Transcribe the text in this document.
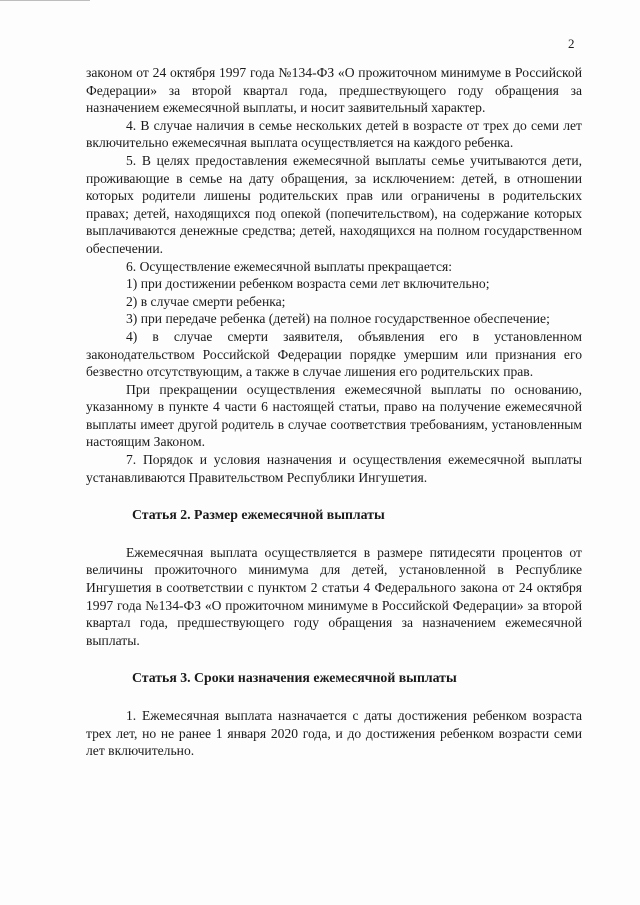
2

законом от 24 октября 1997 года №134-ФЗ «О прожиточном минимуме в Российской Федерации» за второй квартал года, предшествующего году обращения за назначением ежемесячной выплаты, и носит заявительный характер.

4. В случае наличия в семье нескольких детей в возрасте от трех до семи лет включительно ежемесячная выплата осуществляется на каждого ребенка.

5. В целях предоставления ежемесячной выплаты семье учитываются дети, проживающие в семье на дату обращения, за исключением: детей, в отношении которых родители лишены родительских прав или ограничены в родительских правах; детей, находящихся под опекой (попечительством), на содержание которых выплачиваются денежные средства; детей, находящихся на полном государственном обеспечении.

6. Осуществление ежемесячной выплаты прекращается:

1) при достижении ребенком возраста семи лет включительно;

2) в случае смерти ребенка;

3) при передаче ребенка (детей) на полное государственное обеспечение;

4) в случае смерти заявителя, объявления его в установленном законодательством Российской Федерации порядке умершим или признания его безвестно отсутствующим, а также в случае лишения его родительских прав.

При прекращении осуществления ежемесячной выплаты по основанию, указанному в пункте 4 части 6 настоящей статьи, право на получение ежемесячной выплаты имеет другой родитель в случае соответствия требованиям, установленным настоящим Законом.

7. Порядок и условия назначения и осуществления ежемесячной выплаты устанавливаются Правительством Республики Ингушетия.

Статья 2. Размер ежемесячной выплаты

Ежемесячная выплата осуществляется в размере пятидесяти процентов от величины прожиточного минимума для детей, установленной в Республике Ингушетия в соответствии с пунктом 2 статьи 4 Федерального закона от 24 октября 1997 года №134-ФЗ «О прожиточном минимуме в Российской Федерации» за второй квартал года, предшествующего году обращения за назначением ежемесячной выплаты.

Статья 3. Сроки назначения ежемесячной выплаты

1. Ежемесячная выплата назначается с даты достижения ребенком возраста трех лет, но не ранее 1 января 2020 года, и до достижения ребенком возрасти семи лет включительно.
